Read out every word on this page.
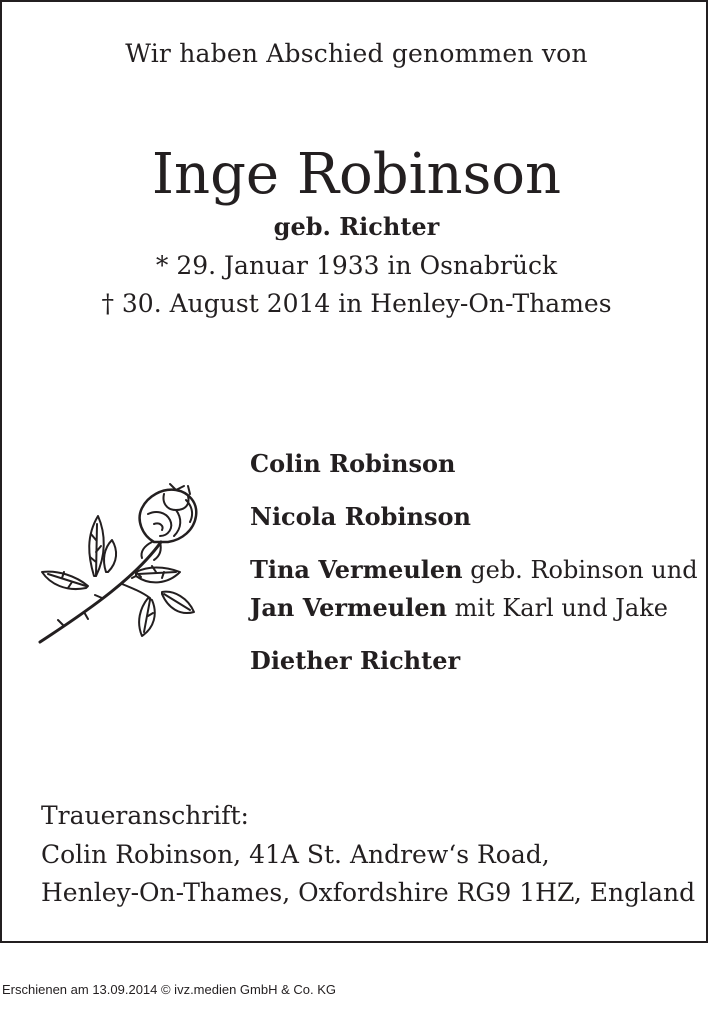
Wir haben Abschied genommen von
Inge Robinson
geb. Richter
* 29. Januar 1933 in Osnabrück
† 30. August 2014 in Henley-On-Thames
Colin Robinson
Nicola Robinson
Tina Vermeulen geb. Robinson und
Jan Vermeulen mit Karl und Jake
Diether Richter
Traueranschrift:
Colin Robinson, 41A St. Andrew‘s Road,
Henley-On-Thames, Oxfordshire RG9 1HZ, England
Erschienen am 13.09.2014 © ivz.medien GmbH & Co. KG
